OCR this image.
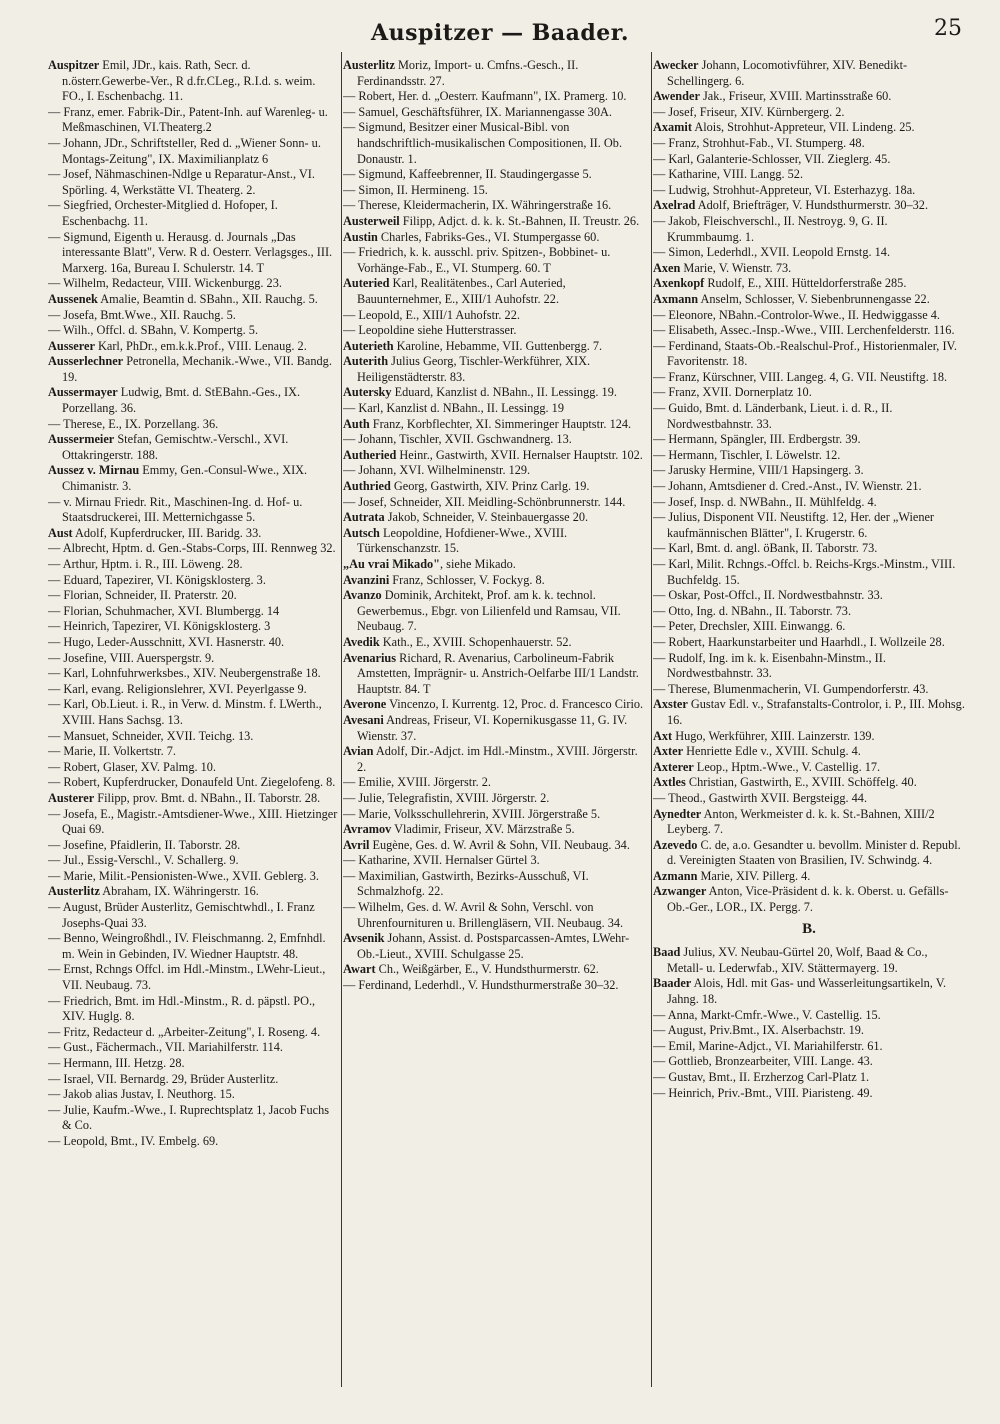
Auspitzer — Baader.	25

Auspitzer Emil, JDr., kais. Rath, Secr. d. n.österr.Gewerbe-Ver., R d.fr.CLeg., R.I.d. s. weim. FO., I. Eschenbachg. 11.

— Franz, emer. Fabrik-Dir., Patent-Inh. auf Warenleg- u. Meßmaschinen, VI.Theaterg.2

— Johann, JDr., Schriftsteller, Red d. „Wiener Sonn- u. Montags-Zeitung", IX. Maximilianplatz 6

— Josef, Nähmaschinen-Ndlge u Reparatur-Anst., VI. Spörling. 4, Werkstätte VI. Theaterg. 2.

— Siegfried, Orchester-Mitglied d. Hofoper, I. Eschenbachg. 11.

— Sigmund, Eigenth u. Herausg. d. Journals „Das interessante Blatt", Verw. R d. Oesterr. Verlagsges., III. Marxerg. 16a, Bureau I. Schulerstr. 14. T

— Wilhelm, Redacteur, VIII. Wickenburgg. 23.

Aussenek Amalie, Beamtin d. SBahn., XII. Rauchg. 5.

— Josefa, Bmt.Wwe., XII. Rauchg. 5.

— Wilh., Offcl. d. SBahn, V. Kompertg. 5.

Ausserer Karl, PhDr., em.k.k.Prof., VIII. Lenaug. 2.

Ausserlechner Petronella, Mechanik.-Wwe., VII. Bandg. 19.

Aussermayer Ludwig, Bmt. d. StEBahn.-Ges., IX. Porzellang. 36.

— Therese, E., IX. Porzellang. 36.

Aussermeier Stefan, Gemischtw.-Verschl., XVI. Ottakringerstr. 188.

Aussez v. Mirnau Emmy, Gen.-Consul-Wwe., XIX. Chimanistr. 3.

— v. Mirnau Friedr. Rit., Maschinen-Ing. d. Hof- u. Staatsdruckerei, III. Metternichgasse 5.

Aust Adolf, Kupferdrucker, III. Baridg. 33.

— Albrecht, Hptm. d. Gen.-Stabs-Corps, III. Rennweg 32.

— Arthur, Hptm. i. R., III. Löweng. 28.

— Eduard, Tapezirer, VI. Königsklosterg. 3.

— Florian, Schneider, II. Praterstr. 20.

— Florian, Schuhmacher, XVI. Blumbergg. 14

— Heinrich, Tapezirer, VI. Königsklosterg. 3

— Hugo, Leder-Ausschnitt, XVI. Hasnerstr. 40.

— Josefine, VIII. Auerspergstr. 9.

— Karl, Lohnfuhrwerksbes., XIV. Neubergenstraße 18.

— Karl, evang. Religionslehrer, XVI. Peyerlgasse 9.

— Karl, Ob.Lieut. i. R., in Verw. d. Minstm. f. LWerth., XVIII. Hans Sachsg. 13.

— Mansuet, Schneider, XVII. Teichg. 13.

— Marie, II. Volkertstr. 7.

— Robert, Glaser, XV. Palmg. 10.

— Robert, Kupferdrucker, Donaufeld Unt. Ziegelofeng. 8.

Austerer Filipp, prov. Bmt. d. NBahn., II. Taborstr. 28.

— Josefa, E., Magistr.-Amtsdiener-Wwe., XIII. Hietzinger Quai 69.

— Josefine, Pfaidlerin, II. Taborstr. 28.

— Jul., Essig-Verschl., V. Schallerg. 9.

— Marie, Milit.-Pensionisten-Wwe., XVII. Geblerg. 3.

Austerlitz Abraham, IX. Währingerstr. 16.

— August, Brüder Austerlitz, Gemischtwhdl., I. Franz Josephs-Quai 33.

— Benno, Weingroßhdl., IV. Fleischmanng. 2, Emfnhdl. m. Wein in Gebinden, IV. Wiedner Hauptstr. 48.

— Ernst, Rchngs Offcl. im Hdl.-Minstm., LWehr-Lieut., VII. Neubaug. 73.

— Friedrich, Bmt. im Hdl.-Minstm., R. d. päpstl. PO., XIV. Huglg. 8.

— Fritz, Redacteur d. „Arbeiter-Zeitung", I. Roseng. 4.

— Gust., Fächermach., VII. Mariahilferstr. 114.

— Hermann, III. Hetzg. 28.

— Israel, VII. Bernardg. 29, Brüder Austerlitz.

— Jakob alias Justav, I. Neuthorg. 15.

— Julie, Kaufm.-Wwe., I. Ruprechtsplatz 1, Jacob Fuchs & Co.

— Leopold, Bmt., IV. Embelg. 69.

Austerlitz Moriz, Import- u. Cmfns.-Gesch., II. Ferdinandsstr. 27.

— Robert, Her. d. „Oesterr. Kaufmann", IX. Pramerg. 10.

— Samuel, Geschäftsführer, IX. Mariannengasse 30A.

— Sigmund, Besitzer einer Musical-Bibl. von handschriftlich-musikalischen Compositionen, II. Ob. Donaustr. 1.

— Sigmund, Kaffeebrenner, II. Staudingergasse 5.

— Simon, II. Hermineng. 15.

— Therese, Kleidermacherin, IX. Währingerstraße 16.

Austerweil Filipp, Adjct. d. k. k. St.-Bahnen, II. Treustr. 26.

Austin Charles, Fabriks-Ges., VI. Stumpergasse 60.

— Friedrich, k. k. ausschl. priv. Spitzen-, Bobbinet- u. Vorhänge-Fab., E., VI. Stumperg. 60. T

Auteried Karl, Realitätenbes., Carl Auteried, Bauunternehmer, E., XIII/1 Auhofstr. 22.

— Leopold, E., XIII/1 Auhofstr. 22.

— Leopoldine siehe Hutterstrasser.

Auterieth Karoline, Hebamme, VII. Guttenbergg. 7.

Auterith Julius Georg, Tischler-Werkführer, XIX. Heiligenstädterstr. 83.

Autersky Eduard, Kanzlist d. NBahn., II. Lessingg. 19.

— Karl, Kanzlist d. NBahn., II. Lessingg. 19

Auth Franz, Korbflechter, XI. Simmeringer Hauptstr. 124.

— Johann, Tischler, XVII. Gschwandnerg. 13.

Autheried Heinr., Gastwirth, XVII. Hernalser Hauptstr. 102.

— Johann, XVI. Wilhelminenstr. 129.

Authried Georg, Gastwirth, XIV. Prinz Carlg. 19.

— Josef, Schneider, XII. Meidling-Schönbrunnerstr. 144.

Autrata Jakob, Schneider, V. Steinbauergasse 20.

Autsch Leopoldine, Hofdiener-Wwe., XVIII. Türkenschanzstr. 15.

„Au vrai Mikado", siehe Mikado.

Avanzini Franz, Schlosser, V. Fockyg. 8.

Avanzo Dominik, Architekt, Prof. am k. k. technol. Gewerbemus., Ebgr. von Lilienfeld und Ramsau, VII. Neubaug. 7.

Avedik Kath., E., XVIII. Schopenhauerstr. 52.

Avenarius Richard, R. Avenarius, Carbolineum-Fabrik Amstetten, Imprägnir- u. Anstrich-Oelfarbe III/1 Landstr. Hauptstr. 84. T

Averone Vincenzo, I. Kurrentg. 12, Proc. d. Francesco Cirio.

Avesani Andreas, Friseur, VI. Kopernikusgasse 11, G. IV. Wienstr. 37.

Avian Adolf, Dir.-Adjct. im Hdl.-Minstm., XVIII. Jörgerstr. 2.

— Emilie, XVIII. Jörgerstr. 2.

— Julie, Telegrafistin, XVIII. Jörgerstr. 2.

— Marie, Volksschullehrerin, XVIII. Jörgerstraße 5.

Avramov Vladimir, Friseur, XV. Märzstraße 5.

Avril Eugène, Ges. d. W. Avril & Sohn, VII. Neubaug. 34.

— Katharine, XVII. Hernalser Gürtel 3.

— Maximilian, Gastwirth, Bezirks-Ausschuß, VI. Schmalzhofg. 22.

— Wilhelm, Ges. d. W. Avril & Sohn, Verschl. von Uhrenfournituren u. Brillengläsern, VII. Neubaug. 34.

Avsenik Johann, Assist. d. Postsparcassen-Amtes, LWehr-Ob.-Lieut., XVIII. Schulgasse 25.

Awart Ch., Weißgärber, E., V. Hundsthurmerstr. 62.

— Ferdinand, Lederhdl., V. Hundsthurmerstraße 30–32.

Awecker Johann, Locomotivführer, XIV. Benedikt-Schellingerg. 6.

Awender Jak., Friseur, XVIII. Martinsstraße 60.

— Josef, Friseur, XIV. Kürnbergerg. 2.

Axamit Alois, Strohhut-Appreteur, VII. Lindeng. 25.

— Franz, Strohhut-Fab., VI. Stumperg. 48.

— Karl, Galanterie-Schlosser, VII. Zieglerg. 45.

— Katharine, VIII. Langg. 52.

— Ludwig, Strohhut-Appreteur, VI. Esterhazyg. 18a.

Axelrad Adolf, Briefträger, V. Hundsthurmerstr. 30–32.

— Jakob, Fleischverschl., II. Nestroyg. 9, G. II. Krummbaumg. 1.

— Simon, Lederhdl., XVII. Leopold Ernstg. 14.

Axen Marie, V. Wienstr. 73.

Axenkopf Rudolf, E., XIII. Hütteldorferstraße 285.

Axmann Anselm, Schlosser, V. Siebenbrunnengasse 22.

— Eleonore, NBahn.-Controlor-Wwe., II. Hedwiggasse 4.

— Elisabeth, Assec.-Insp.-Wwe., VIII. Lerchenfelderstr. 116.

— Ferdinand, Staats-Ob.-Realschul-Prof., Historienmaler, IV. Favoritenstr. 18.

— Franz, Kürschner, VIII. Langeg. 4, G. VII. Neustiftg. 18.

— Franz, XVII. Dornerplatz 10.

— Guido, Bmt. d. Länderbank, Lieut. i. d. R., II. Nordwestbahnstr. 33.

— Hermann, Spängler, III. Erdbergstr. 39.

— Hermann, Tischler, I. Löwelstr. 12.

— Jarusky Hermine, VIII/1 Hapsingerg. 3.

— Johann, Amtsdiener d. Cred.-Anst., IV. Wienstr. 21.

— Josef, Insp. d. NWBahn., II. Mühlfeldg. 4.

— Julius, Disponent VII. Neustiftg. 12, Her. der „Wiener kaufmännischen Blätter", I. Krugerstr. 6.

— Karl, Bmt. d. angl. öBank, II. Taborstr. 73.

— Karl, Milit. Rchngs.-Offcl. b. Reichs-Krgs.-Minstm., VIII. Buchfeldg. 15.

— Oskar, Post-Offcl., II. Nordwestbahnstr. 33.

— Otto, Ing. d. NBahn., II. Taborstr. 73.

— Peter, Drechsler, XIII. Einwangg. 6.

— Robert, Haarkunstarbeiter und Haarhdl., I. Wollzeile 28.

— Rudolf, Ing. im k. k. Eisenbahn-Minstm., II. Nordwestbahnstr. 33.

— Therese, Blumenmacherin, VI. Gumpendorferstr. 43.

Axster Gustav Edl. v., Strafanstalts-Controlor, i. P., III. Mohsg. 16.

Axt Hugo, Werkführer, XIII. Lainzerstr. 139.

Axter Henriette Edle v., XVIII. Schulg. 4.

Axterer Leop., Hptm.-Wwe., V. Castellig. 17.

Axtles Christian, Gastwirth, E., XVIII. Schöffelg. 40.

— Theod., Gastwirth XVII. Bergsteigg. 44.

Aynedter Anton, Werkmeister d. k. k. St.-Bahnen, XIII/2 Leyberg. 7.

Azevedo C. de, a.o. Gesandter u. bevollm. Minister d. Republ. d. Vereinigten Staaten von Brasilien, IV. Schwindg. 4.

Azmann Marie, XIV. Pillerg. 4.

Azwanger Anton, Vice-Präsident d. k. k. Oberst. u. Gefälls-Ob.-Ger., LOR., IX. Pergg. 7.

B.

Baad Julius, XV. Neubau-Gürtel 20, Wolf, Baad & Co., Metall- u. Lederwfab., XIV. Stättermayerg. 19.

Baader Alois, Hdl. mit Gas- und Wasserleitungsartikeln, V. Jahng. 18.

— Anna, Markt-Cmfr.-Wwe., V. Castellig. 15.

— August, Priv.Bmt., IX. Alserbachstr. 19.

— Emil, Marine-Adjct., VI. Mariahilferstr. 61.

— Gottlieb, Bronzearbeiter, VIII. Lange. 43.

— Gustav, Bmt., II. Erzherzog Carl-Platz 1.

— Heinrich, Priv.-Bmt., VIII. Piaristeng. 49.
